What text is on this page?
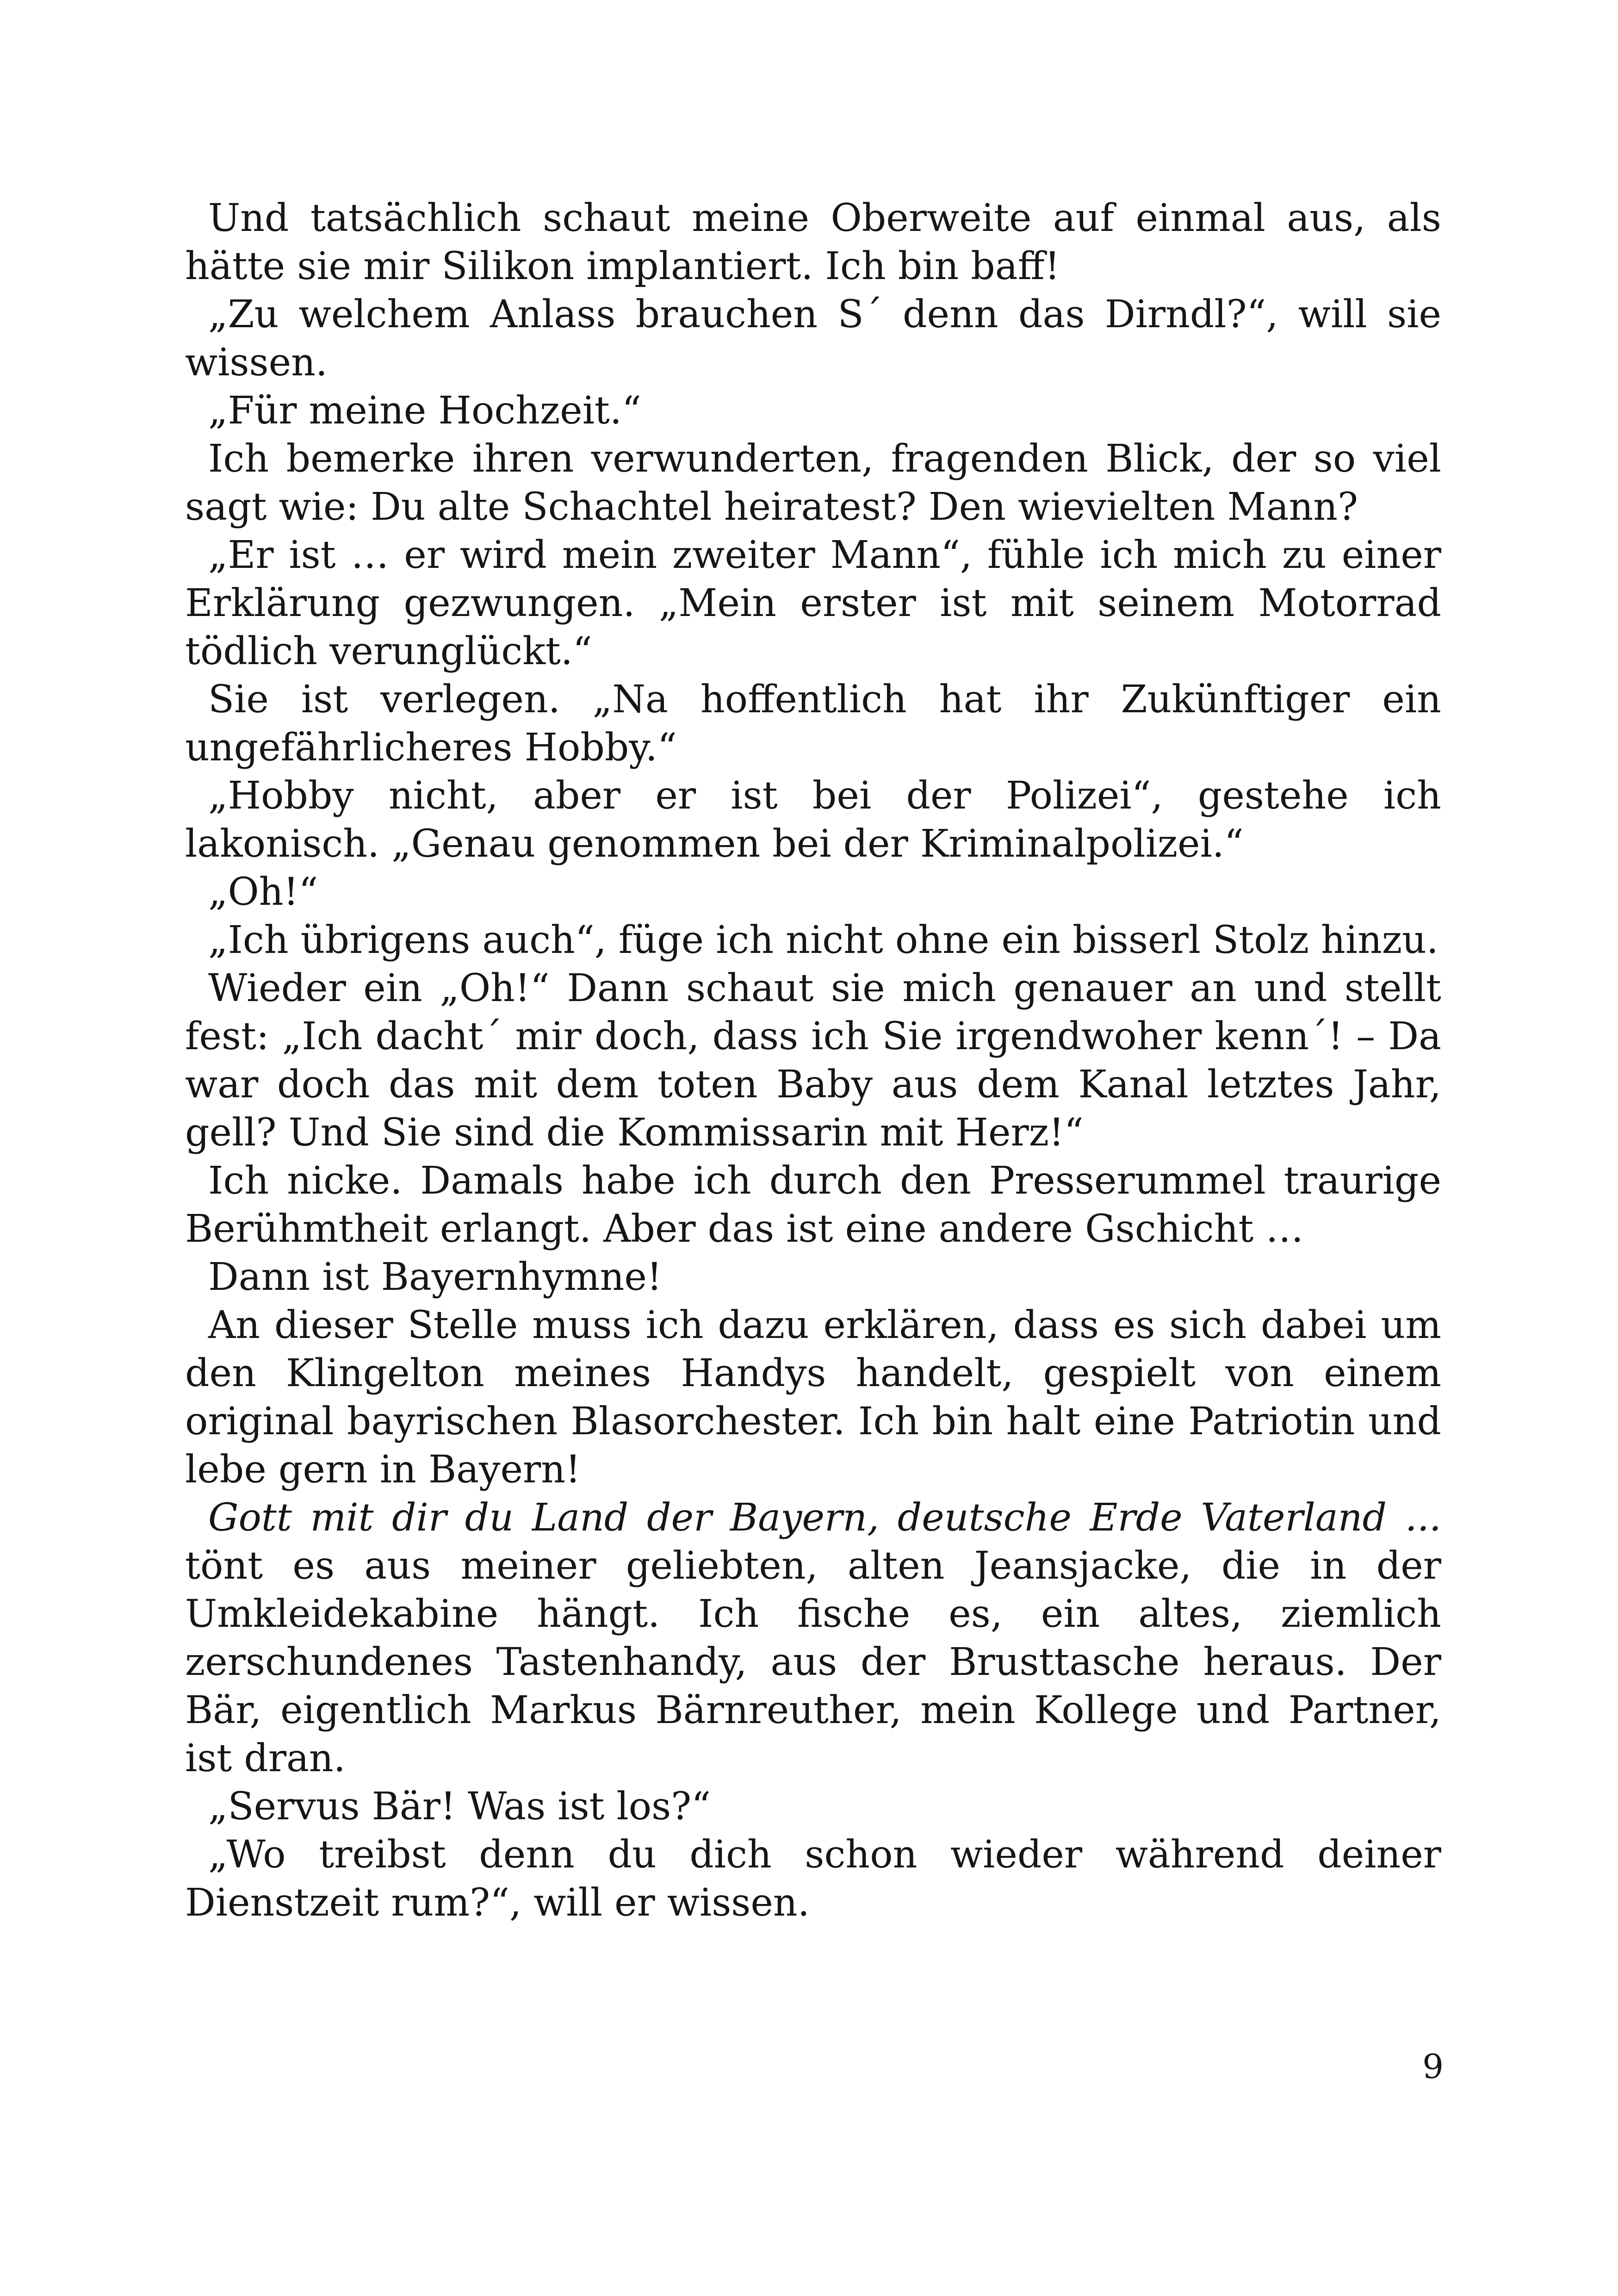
Und tatsächlich schaut meine Oberweite auf einmal aus, als hätte sie mir Silikon implantiert. Ich bin baff!

„Zu welchem Anlass brauchen S´ denn das Dirndl?“, will sie wissen.

„Für meine Hochzeit.“

Ich bemerke ihren verwunderten, fragenden Blick, der so viel sagt wie: Du alte Schachtel heiratest? Den wievielten Mann?

„Er ist … er wird mein zweiter Mann“, fühle ich mich zu einer Erklärung gezwungen. „Mein erster ist mit seinem Motorrad tödlich verunglückt.“

Sie ist verlegen. „Na hoffentlich hat ihr Zukünftiger ein ungefährlicheres Hobby.“

„Hobby nicht, aber er ist bei der Polizei“, gestehe ich lakonisch. „Genau genommen bei der Kriminalpolizei.“

„Oh!“

„Ich übrigens auch“, füge ich nicht ohne ein bisserl Stolz hinzu.

Wieder ein „Oh!“ Dann schaut sie mich genauer an und stellt fest: „Ich dacht´ mir doch, dass ich Sie irgendwoher kenn´! – Da war doch das mit dem toten Baby aus dem Kanal letztes Jahr, gell? Und Sie sind die Kommissarin mit Herz!“

Ich nicke. Damals habe ich durch den Presserummel traurige Berühmtheit erlangt. Aber das ist eine andere Gschicht …

Dann ist Bayernhymne!

An dieser Stelle muss ich dazu erklären, dass es sich dabei um den Klingelton meines Handys handelt, gespielt von einem original bayrischen Blasorchester. Ich bin halt eine Patriotin und lebe gern in Bayern!

Gott mit dir du Land der Bayern, deutsche Erde Vaterland ... tönt es aus meiner geliebten, alten Jeansjacke, die in der Umkleidekabine hängt. Ich fische es, ein altes, ziemlich zerschundenes Tastenhandy, aus der Brusttasche heraus. Der Bär, eigentlich Markus Bärnreuther, mein Kollege und Partner, ist dran.

„Servus Bär! Was ist los?“

„Wo treibst denn du dich schon wieder während deiner Dienstzeit rum?“, will er wissen.

9
